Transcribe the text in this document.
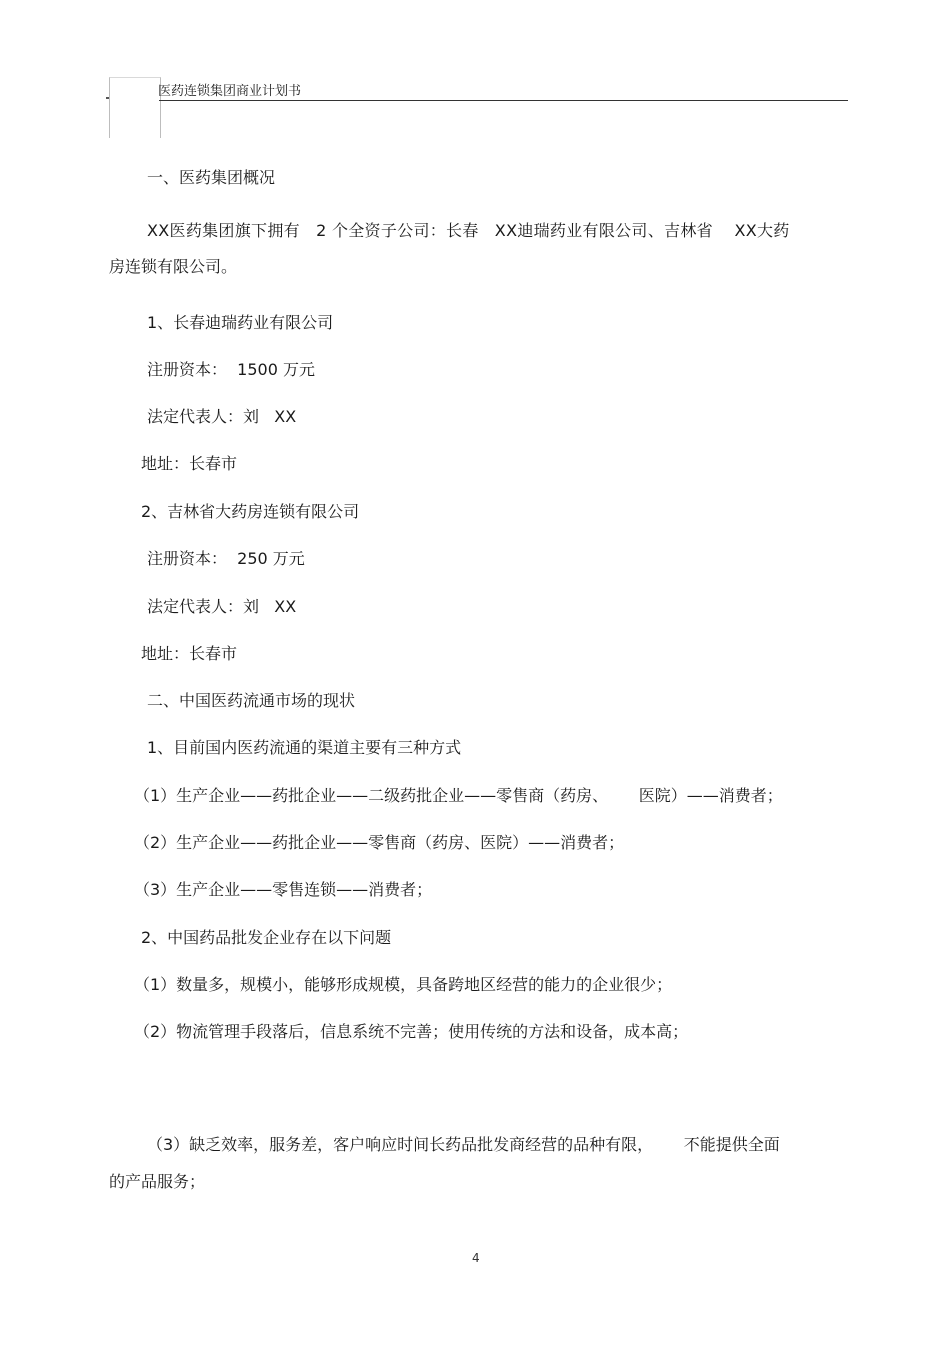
医药连锁集团商业计划书
一、医药集团概况
XX医药集团旗下拥有   2 个全资子公司：长春   XX迪瑞药业有限公司、吉林省    XX大药
房连锁有限公司。
1、长春迪瑞药业有限公司
注册资本：  1500 万元
法定代表人：刘   XX
地址：长春市
2、吉林省大药房连锁有限公司
注册资本：  250 万元
法定代表人：刘   XX
地址：长春市
二、中国医药流通市场的现状
1、目前国内医药流通的渠道主要有三种方式
（1）生产企业——药批企业——二级药批企业——零售商（药房、      医院）——消费者；
（2）生产企业——药批企业——零售商（药房、医院）——消费者；
（3）生产企业——零售连锁——消费者；
2、中国药品批发企业存在以下问题
（1）数量多，规模小，能够形成规模，具备跨地区经营的能力的企业很少；
（2）物流管理手段落后，信息系统不完善；使用传统的方法和设备，成本高；
（3）缺乏效率，服务差，客户响应时间长药品批发商经营的品种有限，      不能提供全面
的产品服务；
4
